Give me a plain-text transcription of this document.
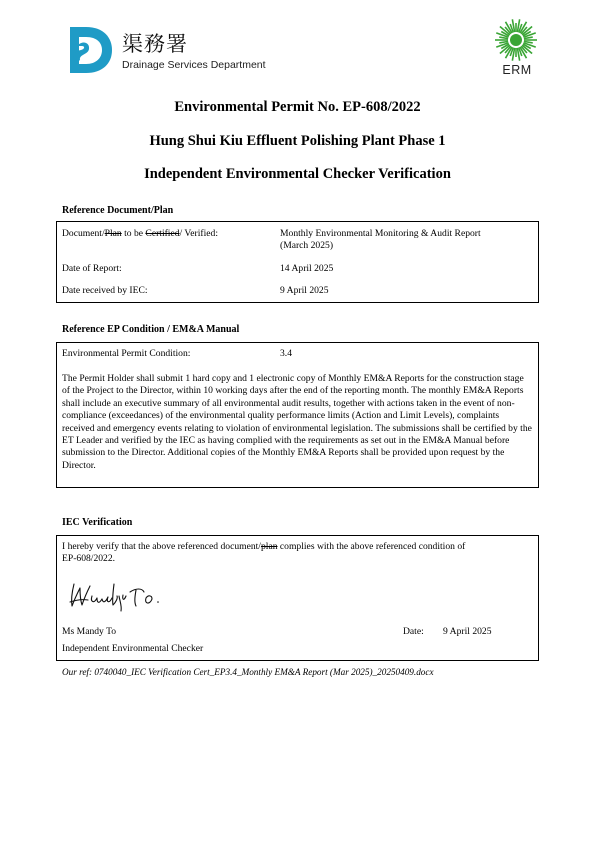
渠務署
Drainage Services Department	ERM
Environmental Permit No. EP-608/2022
Hung Shui Kiu Effluent Polishing Plant Phase 1
Independent Environmental Checker Verification
Reference Document/Plan
Document/Plan to be Certified/ Verified:	Monthly Environmental Monitoring & Audit Report
(March 2025)
Date of Report:	14 April 2025
Date received by IEC:	9 April 2025
Reference EP Condition / EM&A Manual
Environmental Permit Condition:	3.4
The Permit Holder shall submit 1 hard copy and 1 electronic copy of Monthly EM&A Reports for the construction stage of the Project to the Director, within 10 working days after the end of the reporting month. The monthly EM&A Reports shall include an executive summary of all environmental audit results, together with actions taken in the event of non-compliance (exceedances) of the environmental quality performance limits (Action and Limit Levels), complaints received and emergency events relating to violation of environmental legislation. The submissions shall be certified by the ET Leader and verified by the IEC as having complied with the requirements as set out in the EM&A Manual before submission to the Director. Additional copies of the Monthly EM&A Reports shall be provided upon request by the Director.
IEC Verification
I hereby verify that the above referenced document/plan complies with the above referenced condition of
EP-608/2022.
Ms Mandy To	Date: 9 April 2025
Independent Environmental Checker
Our ref: 0740040_IEC Verification Cert_EP3.4_Monthly EM&A Report (Mar 2025)_20250409.docx
